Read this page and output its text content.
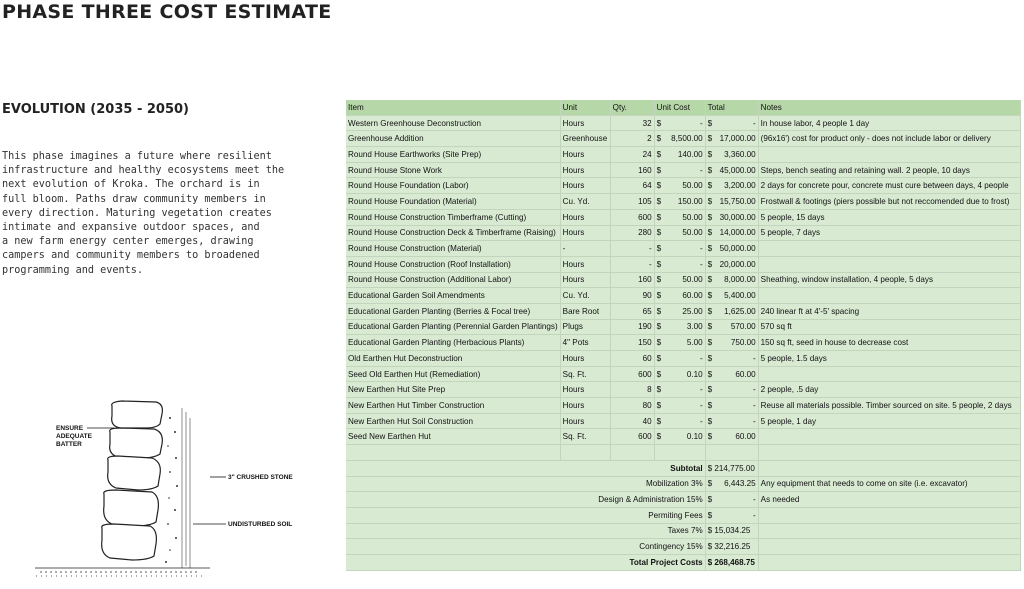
PHASE THREE COST ESTIMATE
EVOLUTION (2035 - 2050)
This phase imagines a future where resilient
infrastructure and healthy ecosystems meet the
next evolution of Kroka. The orchard is in
full bloom. Paths draw community members in
every direction. Maturing vegetation creates
intimate and expansive outdoor spaces, and
a new farm energy center emerges, drawing
campers and community members to broadened
programming and events.
ENSURE
ADEQUATE
BATTER
3" CRUSHED STONE
UNDISTURBED SOIL
Item	Unit	Qty.	Unit Cost	Total	Notes
Western Greenhouse Deconstruction	Hours	32	$ -	$ -	In house labor, 4 people 1 day
Greenhouse Addition	Greenhouse	2	$ 8,500.00	$ 17,000.00	(96x16') cost for product only - does not include labor or delivery
Round House Earthworks (Site Prep)	Hours	24	$ 140.00	$ 3,360.00	

Round House Stone Work	Hours	160	$ -	$ 45,000.00	Steps, bench seating and retaining wall. 2 people, 10 days
Round House Foundation (Labor)	Hours	64	$ 50.00	$ 3,200.00	2 days for concrete pour, concrete must cure between days, 4 people
Round House Foundation (Material)	Cu. Yd.	105	$ 150.00	$ 15,750.00	Frostwall & footings (piers possible but not reccomended due to frost)
Round House Construction Timberframe (Cutting)	Hours	600	$ 50.00	$ 30,000.00	5 people, 15 days
Round House Construction Deck & Timberframe (Raising)	Hours	280	$ 50.00	$ 14,000.00	5 people, 7 days
Round House Construction (Material)	-	-	$ -	$ 50,000.00	

Round House Construction (Roof Installation)	Hours	-	$ -	$ 20,000.00	

Round House Construction (Additional Labor)	Hours	160	$ 50.00	$ 8,000.00	Sheathing, window installation, 4 people, 5 days
Educational Garden Soil Amendments	Cu. Yd.	90	$ 60.00	$ 5,400.00	

Educational Garden Planting (Berries & Focal tree)	Bare Root	65	$ 25.00	$ 1,625.00	240 linear ft at 4'-5' spacing
Educational Garden Planting (Perennial Garden Plantings)	Plugs	190	$ 3.00	$ 570.00	570 sq ft
Educational Garden Planting (Herbacious Plants)	4" Pots	150	$ 5.00	$ 750.00	150 sq ft, seed in house to decrease cost
Old Earthen Hut Deconstruction	Hours	60	$ -	$ -	5 people, 1.5 days
Seed Old Earthen Hut (Remediation)	Sq. Ft.	600	$ 0.10	$ 60.00	

New Earthen Hut Site Prep	Hours	8	$ -	$ -	2 people, .5 day
New Earthen Hut Timber Construction	Hours	80	$ -	$ -	Reuse all materials possible. Timber sourced on site. 5 people, 2 days
New Earthen Hut Soil Construction	Hours	40	$ -	$ -	5 people, 1 day
Seed New Earthen Hut	Sq. Ft.	600	$ 0.10	$ 60.00	

Subtotal				$ 214,775.00	

Mobilization 3%				$ 6,443.25	Any equipment that needs to come on site (i.e. excavator)
Design & Administration 15%				$ -	As needed
Permiting Fees				$ -	

Taxes 7%				$ 15,034.25	

Contingency 15%				$ 32,216.25	

Total Project Costs				$ 268,468.75	
